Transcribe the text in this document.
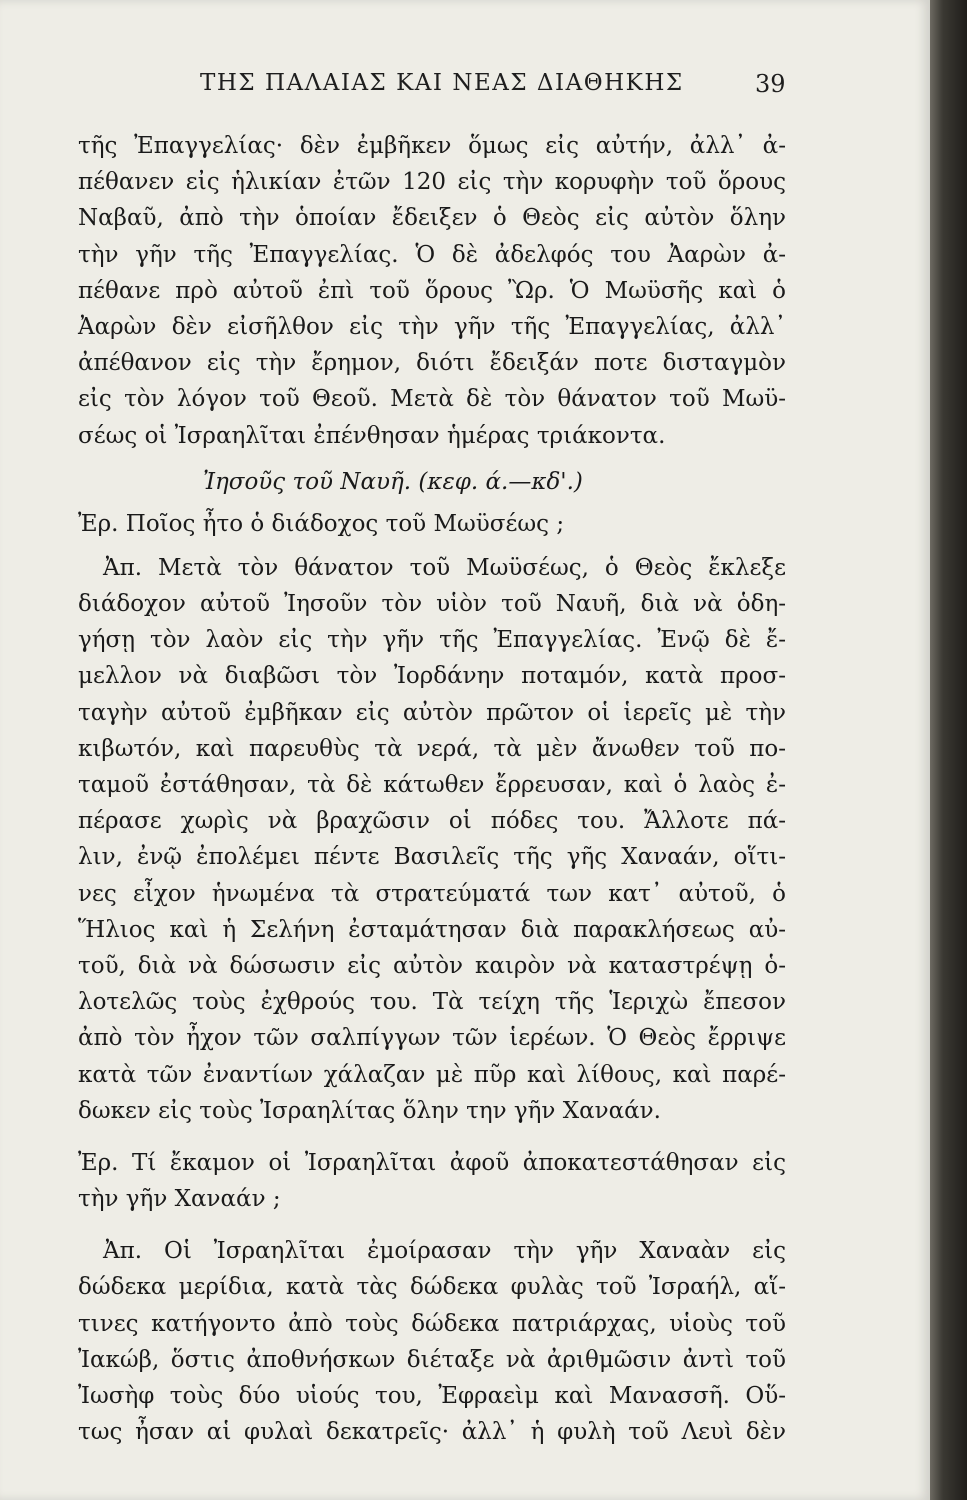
ΤΗΣ ΠΑΛΑΙΑΣ ΚΑΙ ΝΕΑΣ ΔΙΑΘΗΚΗΣ	39
τῆς Ἐπαγγελίας· δὲν ἐμβῆκεν ὅμως εἰς αὐτήν, ἀλλ᾽ ἀ-
πέθανεν εἰς ἡλικίαν ἐτῶν 120 εἰς τὴν κορυφὴν τοῦ ὅρους
Ναβαῦ, ἀπὸ τὴν ὁποίαν ἔδειξεν ὁ Θεὸς εἰς αὐτὸν ὅλην
τὴν γῆν τῆς Ἐπαγγελίας. Ὁ δὲ ἀδελφός του Ἀαρὼν ἀ-
πέθανε πρὸ αὐτοῦ ἐπὶ τοῦ ὅρους Ὢρ. Ὁ Μωϋσῆς καὶ ὁ
Ἀαρὼν δὲν εἰσῆλθον εἰς τὴν γῆν τῆς Ἐπαγγελίας, ἀλλ᾽
ἀπέθανον εἰς τὴν ἔρημον, διότι ἔδειξάν ποτε δισταγμὸν
εἰς τὸν λόγον τοῦ Θεοῦ. Μετὰ δὲ τὸν θάνατον τοῦ Μωϋ-
σέως οἱ Ἰσραηλῖται ἐπένθησαν ἡμέρας τριάκοντα.
Ἰησοῦς τοῦ Ναυῆ. (κεφ. ά.—κδ'.)
Ἐρ. Ποῖος ἦτο ὁ διάδοχος τοῦ Μωϋσέως ;
Ἀπ. Μετὰ τὸν θάνατον τοῦ Μωϋσέως, ὁ Θεὸς ἔκλεξε
διάδοχον αὐτοῦ Ἰησοῦν τὸν υἱὸν τοῦ Ναυῆ, διὰ νὰ ὁδη-
γήσῃ τὸν λαὸν εἰς τὴν γῆν τῆς Ἐπαγγελίας. Ἐνῷ δὲ ἔ-
μελλον νὰ διαβῶσι τὸν Ἰορδάνην ποταμόν, κατὰ προσ-
ταγὴν αὐτοῦ ἐμβῆκαν εἰς αὐτὸν πρῶτον οἱ ἱερεῖς μὲ τὴν
κιβωτόν, καὶ παρευθὺς τὰ νερά, τὰ μὲν ἄνωθεν τοῦ πο-
ταμοῦ ἐστάθησαν, τὰ δὲ κάτωθεν ἔρρευσαν, καὶ ὁ λαὸς ἐ-
πέρασε χωρὶς νὰ βραχῶσιν οἱ πόδες του. Ἄλλοτε πά-
λιν, ἐνῷ ἐπολέμει πέντε Βασιλεῖς τῆς γῆς Χαναάν, οἵτι-
νες εἶχον ἡνωμένα τὰ στρατεύματά των κατ᾽ αὐτοῦ, ὁ
Ἥλιος καὶ ἡ Σελήνη ἐσταμάτησαν διὰ παρακλήσεως αὐ-
τοῦ, διὰ νὰ δώσωσιν εἰς αὐτὸν καιρὸν νὰ καταστρέψῃ ὁ-
λοτελῶς τοὺς ἐχθρούς του. Τὰ τείχη τῆς Ἱεριχὼ ἔπεσον
ἀπὸ τὸν ἦχον τῶν σαλπίγγων τῶν ἱερέων. Ὁ Θεὸς ἔρριψε
κατὰ τῶν ἐναντίων χάλαζαν μὲ πῦρ καὶ λίθους, καὶ παρέ-
δωκεν εἰς τοὺς Ἰσραηλίτας ὅλην την γῆν Χαναάν.
Ἐρ. Τί ἔκαμον οἱ Ἰσραηλῖται ἀφοῦ ἀποκατεστάθησαν εἰς
τὴν γῆν Χαναάν ;
Ἀπ. Οἱ Ἰσραηλῖται ἐμοίρασαν τὴν γῆν Χαναὰν εἰς
δώδεκα μερίδια, κατὰ τὰς δώδεκα φυλὰς τοῦ Ἰσραήλ, αἵ-
τινες κατήγοντο ἀπὸ τοὺς δώδεκα πατριάρχας, υἱοὺς τοῦ
Ἰακώβ, ὅστις ἀποθνήσκων διέταξε νὰ ἀριθμῶσιν ἀντὶ τοῦ
Ἰωσὴφ τοὺς δύο υἱούς του, Ἐφραεὶμ καὶ Μανασσῆ. Οὕ-
τως ἦσαν αἱ φυλαὶ δεκατρεῖς· ἀλλ᾽ ἡ φυλὴ τοῦ Λευὶ δὲν
